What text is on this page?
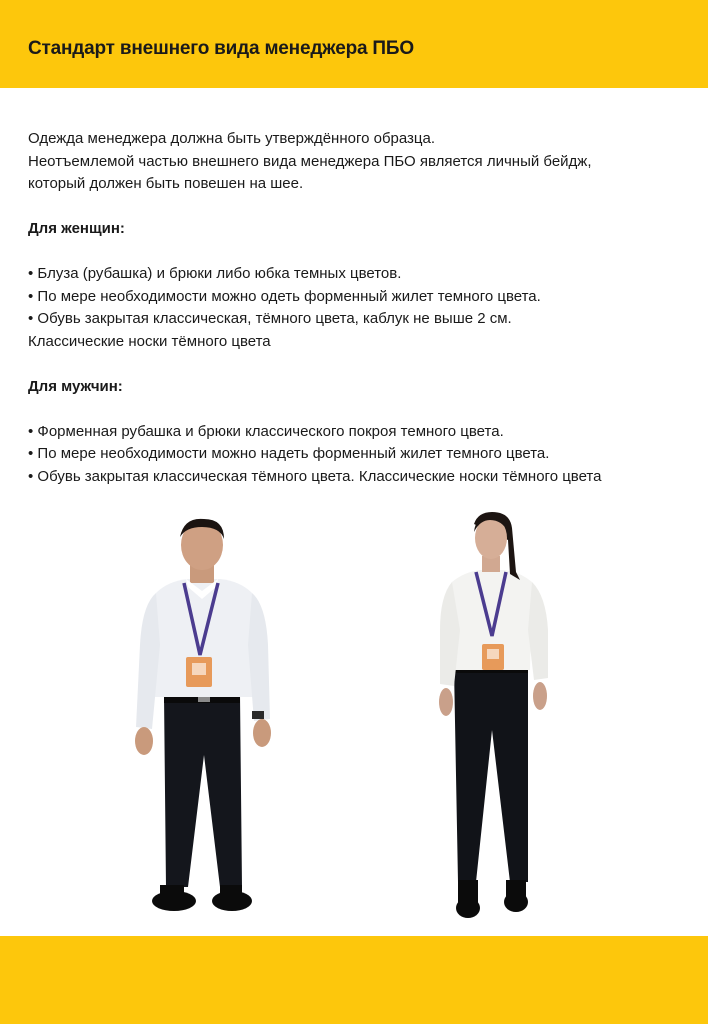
Стандарт внешнего вида менеджера ПБО

Одежда менеджера должна быть утверждённого образца.

Неотъемлемой частью внешнего вида менеджера ПБО является личный бейдж,

который должен быть повешен на шее.

Для женщин:

• Блуза (рубашка) и брюки либо юбка темных цветов.

• По мере необходимости можно одеть форменный жилет темного цвета.

• Обувь закрытая классическая, тёмного цвета, каблук не выше 2 см.

Классические носки тёмного цвета

Для мужчин:

• Форменная рубашка и брюки классического покроя темного цвета.

• По мере необходимости можно надеть форменный жилет темного цвета.

• Обувь закрытая классическая тёмного цвета. Классические носки тёмного цвета
